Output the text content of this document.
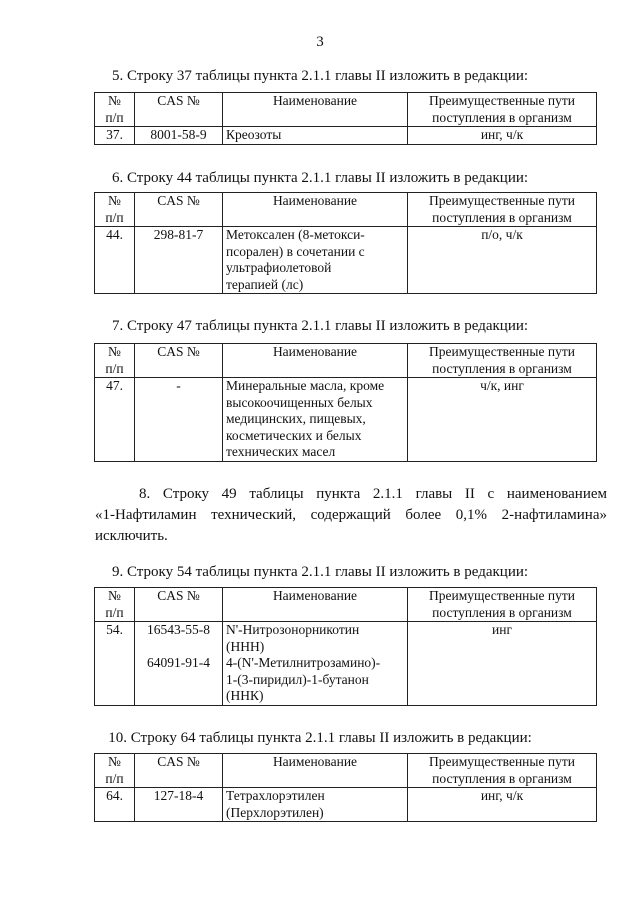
3
5. Строку 37 таблицы пункта 2.1.1 главы II изложить в редакции:
№
п/п	CAS №	Наименование	Преимущественные пути
поступления в организм

37.	8001-58-9	Креозоты	инг, ч/к
6. Строку 44 таблицы пункта 2.1.1 главы II изложить в редакции:
№
п/п	CAS №	Наименование	Преимущественные пути
поступления в организм

44.	298-81-7	Метоксален (8-метокси-
псорален) в сочетании с
ультрафиолетовой
терапией (лс)	п/о, ч/к
7. Строку 47 таблицы пункта 2.1.1 главы II изложить в редакции:
№
п/п	CAS №	Наименование	Преимущественные пути
поступления в организм

47.	-	Минеральные масла, кроме
высокоочищенных белых
медицинских, пищевых,
косметических и белых
технических масел	ч/к, инг
8. Строку 49 таблицы пункта 2.1.1 главы II с наименованием
«1-Нафтиламин технический, содержащий более 0,1% 2-нафтиламина»
исключить.
9. Строку 54 таблицы пункта 2.1.1 главы II изложить в редакции:
№
п/п	CAS №	Наименование	Преимущественные пути
поступления в организм

54.	16543-55-8

64091-91-4	N'-Нитрозонорникотин
(ННН)
4-(N'-Метилнитрозамино)-
1-(3-пиридил)-1-бутанон
(ННК)	инг
10. Строку 64 таблицы пункта 2.1.1 главы II изложить в редакции:
№
п/п	CAS №	Наименование	Преимущественные пути
поступления в организм

64.	127-18-4	Тетрахлорэтилен
(Перхлорэтилен)	инг, ч/к
